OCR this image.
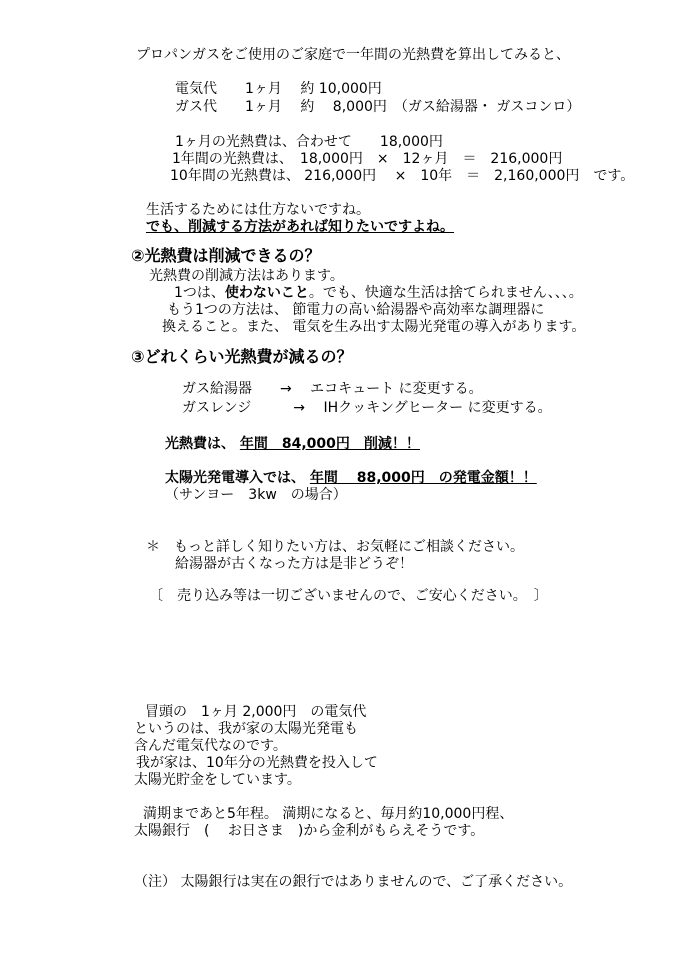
プロパンガスをご使用のご家庭で一年間の光熱費を算出してみると、
電気代　　1ヶ月　 約 10,000円
ガス代　　1ヶ月　 約　 8,000円　（ガス給湯器・ ガスコンロ）
1ヶ月の光熱費は、合わせて　　18,000円
1年間の光熱費は、　18,000円　×　12ヶ月　＝　216,000円
10年間の光熱費は、 216,000円　 ×　10年　＝　2,160,000円　です。
生活するためには仕方ないですね。
でも、削減する方法があれば知りたいですよね。
②光熱費は削減できるの？
光熱費の削減方法はあります。
1つは、使わないこと。でも、快適な生活は捨てられません、、、。
もう1つの方法は、 節電力の高い給湯器や高効率な調理器に
換えること。また、 電気を生み出す太陽光発電の導入があります。
③どれくらい光熱費が減るの？
ガス給湯器　　→　 エコキュート に変更する。
ガスレンジ　　　→　 IHクッキングヒーター に変更する。
光熱費は、 年間　84,000円　削減！！
太陽光発電導入では、 年間　 88,000円　の発電金額！！
（サンヨー　3kw　の場合）
＊　もっと詳しく知りたい方は、お気軽にご相談ください。
給湯器が古くなった方は是非どうぞ！
〔　売り込み等は一切ございませんので、ご安心ください。　〕
冒頭の　1ヶ月 2,000円　の電気代
というのは、我が家の太陽光発電も
含んだ電気代なのです。
我が家は、10年分の光熱費を投入して
太陽光貯金をしています。
満期まであと5年程。 満期になると、毎月約10,000円程、
太陽銀行　(　 お日さま　)から金利がもらえそうです。
（注） 太陽銀行は実在の銀行ではありませんので、ご了承ください。
